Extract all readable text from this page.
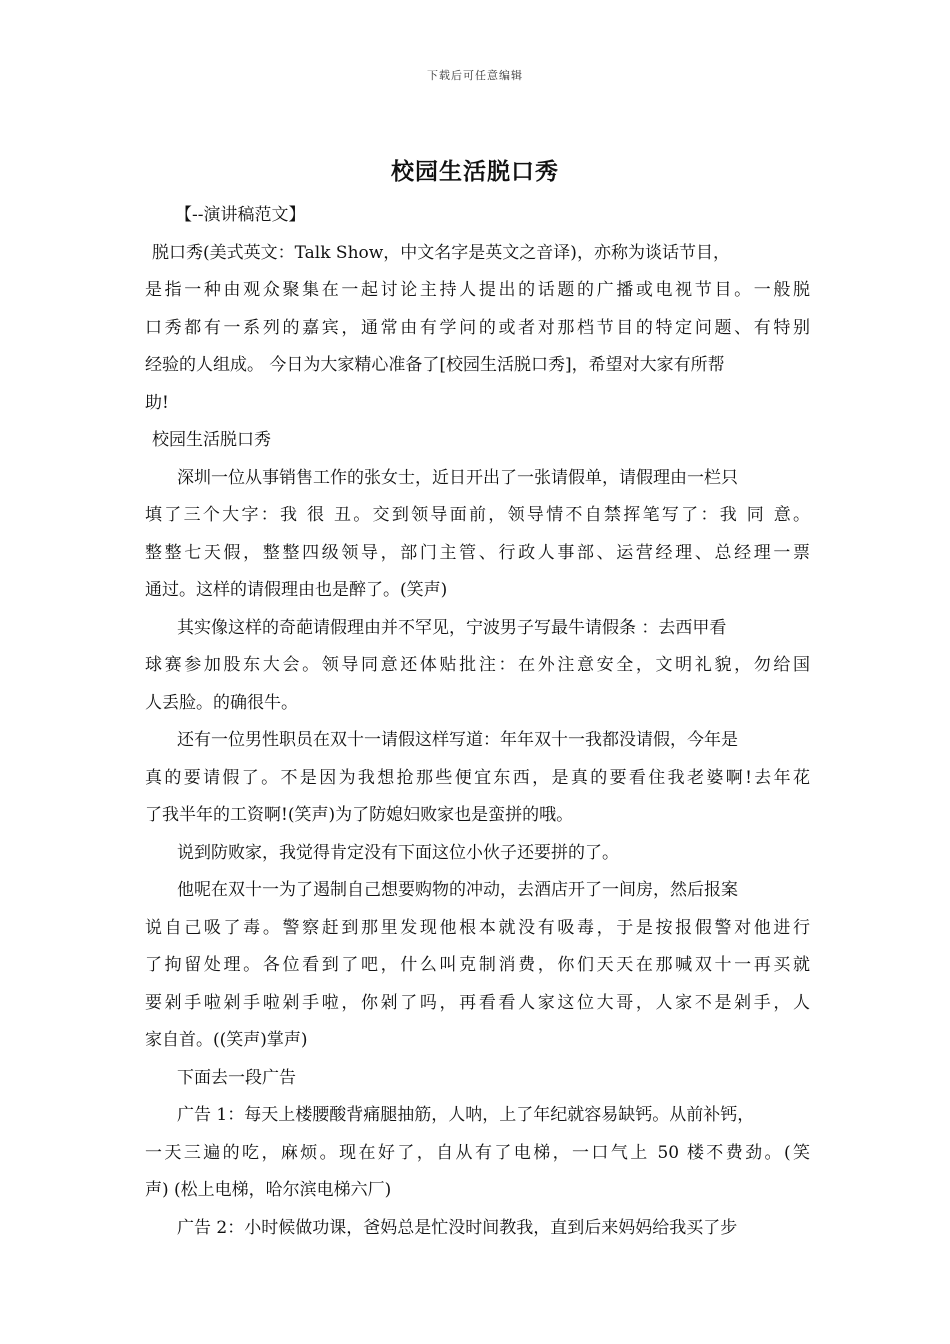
下载后可任意编辑
校园生活脱口秀
【--演讲稿范文】
脱口秀(美式英文：Talk Show，中文名字是英文之音译)，亦称为谈话节目，
是指一种由观众聚集在一起讨论主持人提出的话题的广播或电视节目。一般脱
口秀都有一系列的嘉宾，通常由有学问的或者对那档节目的特定问题、有特别
经验的人组成。 今日为大家精心准备了[校园生活脱口秀]，希望对大家有所帮
助!
校园生活脱口秀
深圳一位从事销售工作的张女士，近日开出了一张请假单，请假理由一栏只
填了三个大字：我 很 丑。交到领导面前，领导情不自禁挥笔写了：我 同 意。
整整七天假，整整四级领导，部门主管、行政人事部、运营经理、总经理一票
通过。这样的请假理由也是醉了。(笑声)
其实像这样的奇葩请假理由并不罕见，宁波男子写最牛请假条 ：去西甲看
球赛参加股东大会。领导同意还体贴批注：在外注意安全，文明礼貌，勿给国
人丢脸。的确很牛。
还有一位男性职员在双十一请假这样写道：年年双十一我都没请假，今年是
真的要请假了。不是因为我想抢那些便宜东西，是真的要看住我老婆啊!去年花
了我半年的工资啊!(笑声)为了防媳妇败家也是蛮拼的哦。
说到防败家，我觉得肯定没有下面这位小伙子还要拼的了。
他呢在双十一为了遏制自己想要购物的冲动，去酒店开了一间房，然后报案
说自己吸了毒。警察赶到那里发现他根本就没有吸毒，于是按报假警对他进行
了拘留处理。各位看到了吧，什么叫克制消费，你们天天在那喊双十一再买就
要剁手啦剁手啦剁手啦，你剁了吗，再看看人家这位大哥，人家不是剁手，人
家自首。((笑声)掌声)
下面去一段广告
广告 1：每天上楼腰酸背痛腿抽筋，人呐，上了年纪就容易缺钙。从前补钙，
一天三遍的吃，麻烦。现在好了，自从有了电梯，一口气上 50 楼不费劲。(笑
声) (松上电梯，哈尔滨电梯六厂)
广告 2：小时候做功课，爸妈总是忙没时间教我，直到后来妈妈给我买了步
